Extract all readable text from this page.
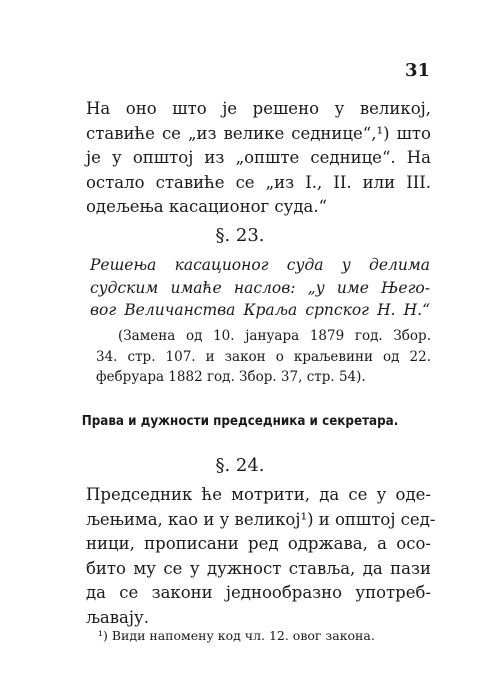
31
На оно што је решено у великој,
ставиће се „из велике седнице“,¹) што
је у општој из „опште седнице“. На
остало ставиће се „из I., II. или III.
одељења касационог суда.“
§. 23.
Решења касационог суда у делима
судским имаће наслов: „у име Њего-
вог Величанства Краља српског Н. Н.“
(Замена од 10. јануара 1879 год. Збор.
34. стр. 107. и закон о краљевини од 22.
фебруара 1882 год. Збор. 37, стр. 54).
Права и дужности председника и секретара.
§. 24.
Председник ће мотрити, да се у оде-
љењима, као и у великој¹) и општој сед-
ници, прописани ред одржава, а осо-
бито му се у дужност ставља, да пази
да се закони једнообразно употреб-
љавају.
¹) Види напомену код чл. 12. овог закона.
